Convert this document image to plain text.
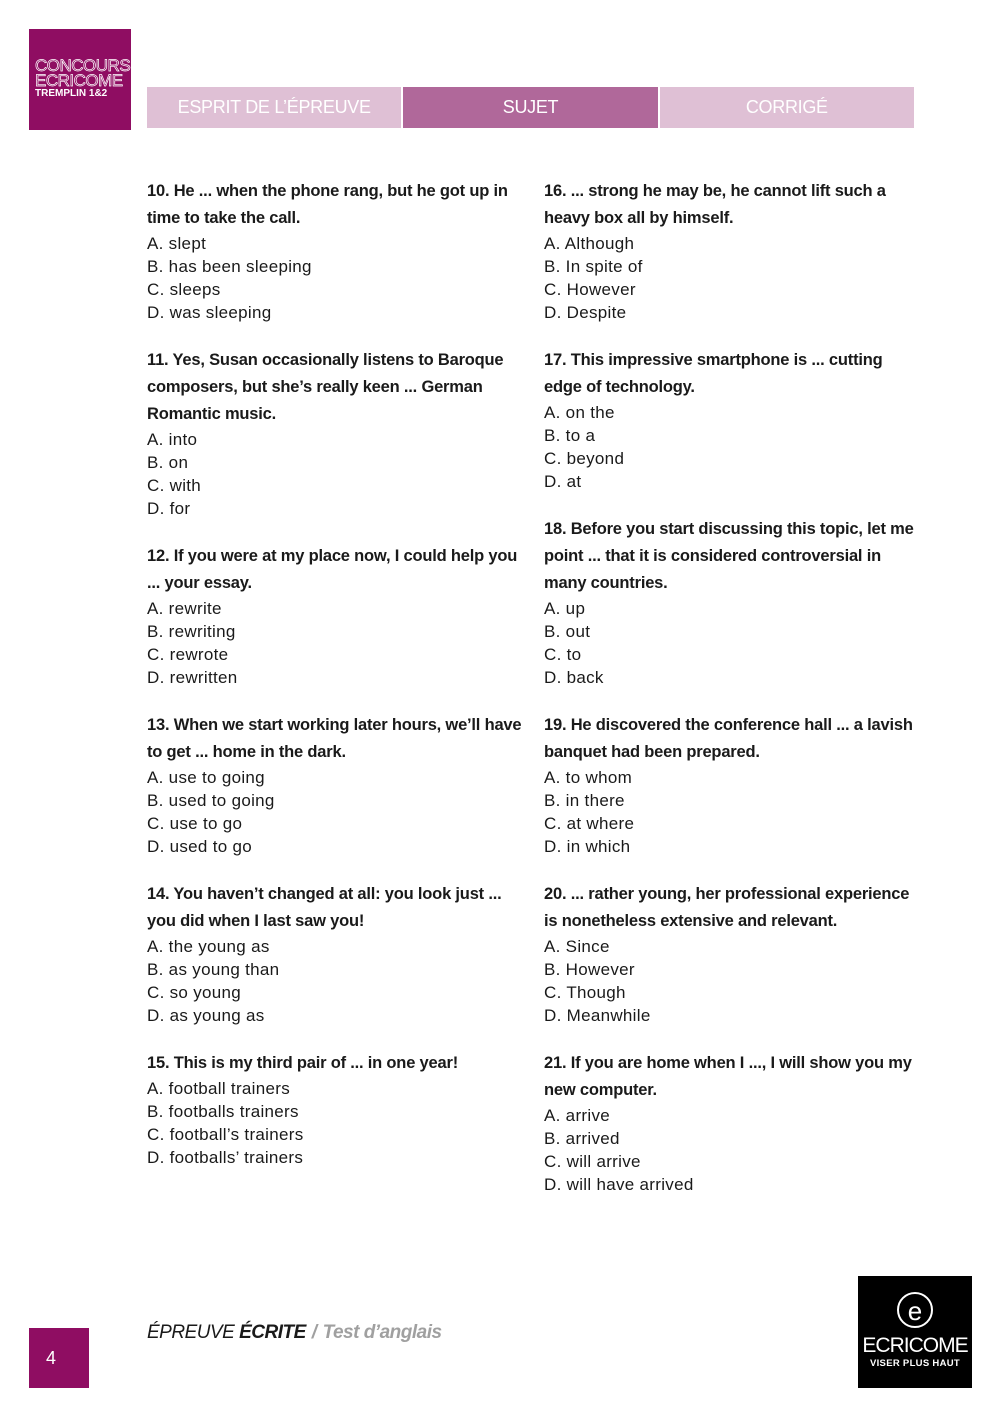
CONCOURS
ECRICOME
TREMPLIN 1&2
ESPRIT DE L’ÉPREUVE	SUJET	CORRIGÉ
10. He ... when the phone rang, but he got up in time to take the call.
A. slept
B. has been sleeping
C. sleeps
D. was sleeping
11. Yes, Susan occasionally listens to Baroque composers, but she’s really keen ... German Romantic music.
A. into
B. on
C. with
D. for
12. If you were at my place now, I could help you ... your essay.
A. rewrite
B. rewriting
C. rewrote
D. rewritten
13. When we start working later hours, we’ll have to get ... home in the dark.
A. use to going
B. used to going
C. use to go
D. used to go
14. You haven’t changed at all: you look just ... you did when I last saw you!
A. the young as
B. as young than
C. so young
D. as young as
15. This is my third pair of ... in one year!
A. football trainers
B. footballs trainers
C. football’s trainers
D. footballs’ trainers
16. ... strong he may be, he cannot lift such a heavy box all by himself.
A. Although
B. In spite of
C. However
D. Despite
17. This impressive smartphone is ... cutting edge of technology.
A. on the
B. to a
C. beyond
D. at
18. Before you start discussing this topic, let me point ... that it is considered controversial in many countries.
A. up
B. out
C. to
D. back
19. He discovered the conference hall ... a lavish banquet had been prepared.
A. to whom
B. in there
C. at where
D. in which
20. ... rather young, her professional experience is nonetheless extensive and relevant.
A. Since
B. However
C. Though
D. Meanwhile
21. If you are home when I ..., I will show you my new computer.
A. arrive
B. arrived
C. will arrive
D. will have arrived
ÉPREUVE ÉCRITE / Test d’anglais
4
e
ECRICOME
VISER PLUS HAUT
